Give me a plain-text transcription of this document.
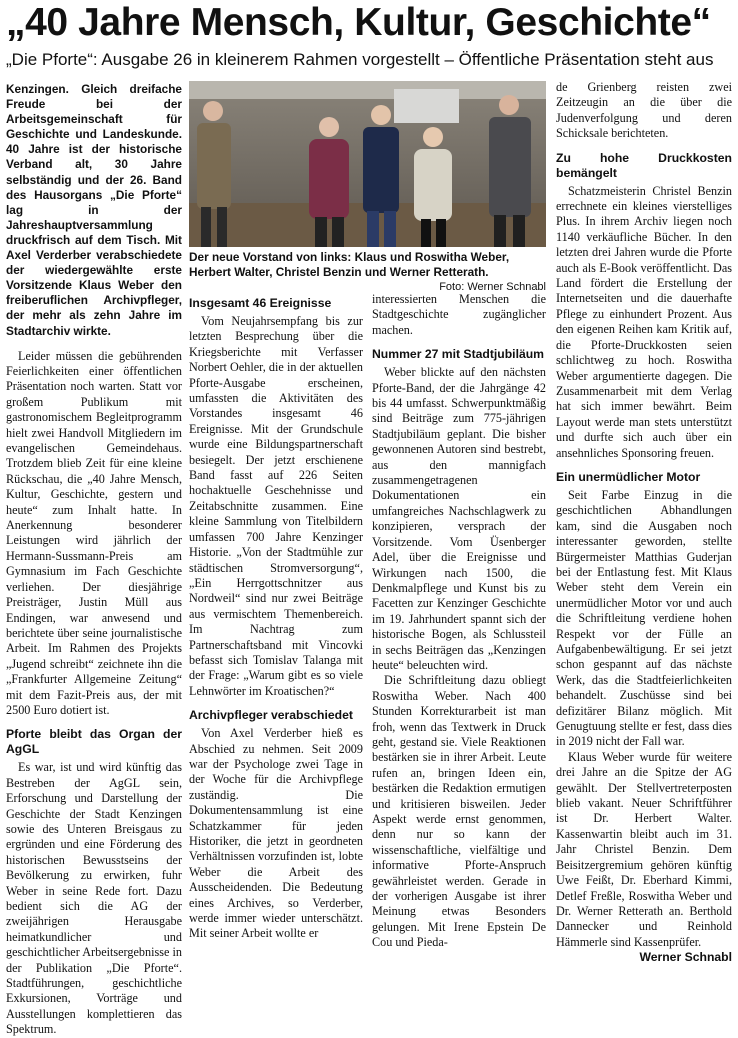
„40 Jahre Mensch, Kultur, Geschichte“
„Die Pforte“: Ausgabe 26 in kleinerem Rahmen vorgestellt – Öffentliche Präsentation steht aus
Kenzingen. Gleich dreifache Freude bei der Arbeitsgemeinschaft für Geschichte und Landeskunde. 40 Jahre ist der historische Verband alt, 30 Jahre selbständig und der 26. Band des Hausorgans „Die Pforte“ lag in der Jahreshauptversammlung druckfrisch auf dem Tisch. Mit Axel Verderber verabschiedete der wiedergewählte erste Vorsitzende Klaus Weber den freiberuflichen Archivpfleger, der mehr als zehn Jahre im Stadtarchiv wirkte.

Leider müssen die gebührenden Feierlichkeiten einer öffentlichen Präsentation noch warten. Statt vor großem Publikum mit gastronomischem Begleitprogramm hielt zwei Handvoll Mitgliedern im evangelischen Gemeindehaus. Trotzdem blieb Zeit für eine kleine Rückschau, die „40 Jahre Mensch, Kultur, Geschichte, gestern und heute“ zum Inhalt hatte. In Anerkennung besonderer Leistungen wird jährlich der Hermann-Sussmann-Preis am Gymnasium im Fach Geschichte verliehen. Der diesjährige Preisträger, Justin Müll aus Endingen, war anwesend und berichtete über seine journalistische Arbeit. Im Rahmen des Projekts „Jugend schreibt“ zeichnete ihn die „Frankfurter Allgemeine Zeitung“ mit dem Fazit-Preis aus, der mit 2500 Euro dotiert ist.

Pforte bleibt das Organ der AgGL

Es war, ist und wird künftig das Bestreben der AgGL sein, Erforschung und Darstellung der Geschichte der Stadt Kenzingen sowie des Unteren Breisgaus zu ergründen und eine Förderung des historischen Bewusstseins der Bevölkerung zu erwirken, fuhr Weber in seine Rede fort. Dazu bedient sich die AG der zweijährigen Herausgabe heimatkundlicher und geschichtlicher Arbeitsergebnisse in der Publikation „Die Pforte“. Stadtführungen, geschichtliche Exkursionen, Vorträge und Ausstellungen komplettieren das Spektrum.

Der neue Vorstand von links: Klaus und Roswitha Weber, Herbert Walter, Christel Benzin und Werner Retterath.
Foto: Werner Schnabl
Insgesamt 46 Ereignisse

Vom Neujahrsempfang bis zur letzten Besprechung über die Kriegsberichte mit Verfasser Norbert Oehler, die in der aktuellen Pforte-Ausgabe erscheinen, umfassten die Aktivitäten des Vorstandes insgesamt 46 Ereignisse. Mit der Grundschule wurde eine Bildungspartnerschaft besiegelt. Der jetzt erschienene Band fasst auf 226 Seiten hochaktuelle Geschehnisse und Zeitabschnitte zusammen. Eine kleine Sammlung von Titelbildern umfassen 700 Jahre Kenzinger Historie. „Von der Stadtmühle zur städtischen Stromversorgung“, „Ein Herrgottschnitzer aus Nordweil“ sind nur zwei Beiträge aus vermischtem Themenbereich. Im Nachtrag zum Partnerschaftsband mit Vincovki befasst sich Tomislav Talanga mit der Frage: „Warum gibt es so viele Lehnwörter im Kroatischen?“

Archivpfleger verabschiedet

Von Axel Verderber hieß es Abschied zu nehmen. Seit 2009 war der Psychologe zwei Tage in der Woche für die Archivpflege zuständig. Die Dokumentensammlung ist eine Schatzkammer für jeden Historiker, die jetzt in geordneten Verhältnissen vorzufinden ist, lobte Weber die Arbeit des Ausscheidenden. Die Bedeutung eines Archives, so Verderber, werde immer wieder unterschätzt. Mit seiner Arbeit wollte er

interessierten Menschen die Stadtgeschichte zugänglicher machen.

Nummer 27 mit Stadtjubiläum

Weber blickte auf den nächsten Pforte-Band, der die Jahrgänge 42 bis 44 umfasst. Schwerpunktmäßig sind Beiträge zum 775-jährigen Stadtjubiläum geplant. Die bisher gewonnenen Autoren sind bestrebt, aus den mannigfach zusammengetragenen Dokumentationen ein umfangreiches Nachschlagwerk zu konzipieren, versprach der Vorsitzende. Vom Üsenberger Adel, über die Ereignisse und Wirkungen nach 1500, die Denkmalpflege und Kunst bis zu Facetten zur Kenzinger Geschichte im 19. Jahrhundert spannt sich der historische Bogen, als Schlussteil in sechs Beiträgen das „Kenzingen heute“ beleuchten wird.

Die Schriftleitung dazu obliegt Roswitha Weber. Nach 400 Stunden Korrekturarbeit ist man froh, wenn das Textwerk in Druck geht, gestand sie. Viele Reaktionen bestärken sie in ihrer Arbeit. Leute rufen an, bringen Ideen ein, bestärken die Redaktion ermutigen und kritisieren bisweilen. Jeder Aspekt werde ernst genommen, denn nur so kann der wissenschaftliche, vielfältige und informative Pforte-Anspruch gewährleistet werden. Gerade in der vorherigen Ausgabe ist ihrer Meinung etwas Besonders gelungen. Mit Irene Epstein De Cou und Pieda-

de Grienberg reisten zwei Zeitzeugin an die über die Judenverfolgung und deren Schicksale berichteten.

Zu hohe Druckkosten bemängelt

Schatzmeisterin Christel Benzin errechnete ein kleines vierstelliges Plus. In ihrem Archiv liegen noch 1140 verkäufliche Bücher. In den letzten drei Jahren wurde die Pforte auch als E-Book veröffentlicht. Das Land fördert die Erstellung der Internetseiten und die dauerhafte Pflege zu einhundert Prozent. Aus den eigenen Reihen kam Kritik auf, die Pforte-Druckkosten seien schlichtweg zu hoch. Roswitha Weber argumentierte dagegen. Die Zusammenarbeit mit dem Verlag hat sich immer bewährt. Beim Layout werde man stets unterstützt und durfte sich auch über ein ansehnliches Sponsoring freuen.

Ein unermüdlicher Motor

Seit Farbe Einzug in die geschichtlichen Abhandlungen kam, sind die Ausgaben noch interessanter geworden, stellte Bürgermeister Matthias Guderjan bei der Entlastung fest. Mit Klaus Weber steht dem Verein ein unermüdlicher Motor vor und auch die Schriftleitung verdiene hohen Respekt vor der Fülle an Aufgabenbewältigung. Er sei jetzt schon gespannt auf das nächste Werk, das die Stadtfeierlichkeiten behandelt. Zuschüsse sind bei defizitärer Bilanz möglich. Mit Genugtuung stellte er fest, dass dies in 2019 nicht der Fall war.

Klaus Weber wurde für weitere drei Jahre an die Spitze der AG gewählt. Der Stellvertreterposten blieb vakant. Neuer Schriftführer ist Dr. Herbert Walter. Kassenwartin bleibt auch im 31. Jahr Christel Benzin. Dem Beisitzergremium gehören künftig Uwe Feißt, Dr. Eberhard Kimmi, Detlef Freßle, Roswitha Weber und Dr. Werner Retterath an. Berthold Dannecker und Reinhold Hämmerle sind Kassenprüfer.

Werner Schnabl
